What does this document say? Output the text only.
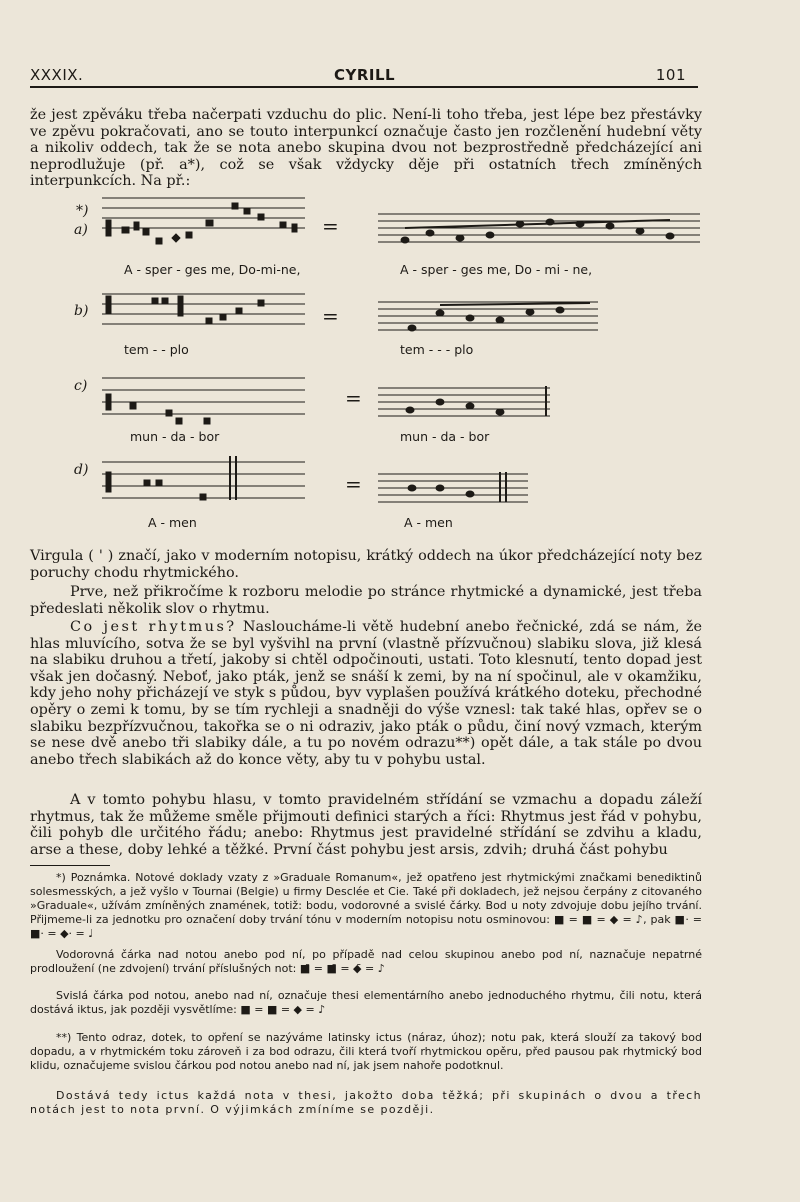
XXXIX.	CYRILL	101

že jest zpěváku třeba načerpati vzduchu do plic. Není-li toho třeba, jest lépe bez přestávky ve zpěvu pokračovati, ano se touto interpunkcí označuje často jen rozčlenění hudební věty a nikoliv oddech, tak že se nota anebo skupina dvou not bezprostředně předcházející ani neprodlužuje (př. a*), což se však vždycky děje při ostatních třech zmíněných interpunkcích. Na př.:

*)
a)
b)
c)
d)
A - sper - ges me, Do-mi-ne,	A - sper - ges me, Do - mi - ne,
tem - - plo	tem - - - plo
mun - da - bor	mun - da - bor
A - men	A - men
=
=
=
=

Virgula ( ' ) značí, jako v moderním notopisu, krátký oddech na úkor předcházející noty bez poruchy chodu rhytmického.

Prve, než přikročíme k rozboru melodie po stránce rhytmické a dynamické, jest třeba předeslati několik slov o rhytmu.

Co jest rhytmus? Nasloucháme-li větě hudební anebo řečnické, zdá se nám, že hlas mluvícího, sotva že se byl vyšvihl na první (vlastně přízvučnou) slabiku slova, již klesá na slabiku druhou a třetí, jakoby si chtěl odpočinouti, ustati. Toto klesnutí, tento dopad jest však jen dočasný. Neboť, jako pták, jenž se snáší k zemi, by na ní spočinul, ale v okamžiku, kdy jeho nohy přicházejí ve styk s půdou, byv vyplašen používá krátkého doteku, přechodné opěry o zemi k tomu, by se tím rychleji a snadněji do výše vznesl: tak také hlas, opřev se o slabiku bezpřízvučnou, takořka se o ni odraziv, jako pták o půdu, činí nový vzmach, kterým se nese dvě anebo tři slabiky dále, a tu po novém odrazu**) opět dále, a tak stále po dvou anebo třech slabikách až do konce věty, aby tu v pohybu ustal.

A v tomto pohybu hlasu, v tomto pravidelném střídání se vzmachu a dopadu záleží rhytmus, tak že můžeme směle přijmouti definici starých a říci: Rhytmus jest řád v pohybu, čili pohyb dle určitého řádu; anebo: Rhytmus jest pravidelné střídání se zdvihu a kladu, arse a these, doby lehké a těžké. První část pohybu jest arsis, zdvih; druhá část pohybu

*) Poznámka. Notové doklady vzaty z »Graduale Romanum«, jež opatřeno jest rhytmickými značkami benediktinů solesmesských, a jež vyšlo v Tournai (Belgie) u firmy Desclée et Cie. Také při dokladech, jež nejsou čerpány z citovaného »Graduale«, užívám zmíněných znamének, totiž: bodu, vodorovné a svislé čárky. Bod u noty zdvojuje dobu jejího trvání. Přijmeme-li za jednotku pro označení doby trvání tónu v moderním notopisu notu osminovou: ■ = ■ = ◆ = ♪, pak ■· = ■· = ◆· = ♩

Vodorovná čárka nad notou anebo pod ní, po případě nad celou skupinou anebo pod ní, naznačuje nepatrné prodloužení (ne zdvojení) trvání příslušných not: ■̄ = ■̄ = ◆̄ = ♪

Svislá čárka pod notou, anebo nad ní, označuje thesi elementárního anebo jednoduchého rhytmu, čili notu, která dostává iktus, jak později vysvětlíme: ■ = ■ = ◆ = ♪

**) Tento odraz, dotek, to opření se nazýváme latinsky ictus (náraz, úhoz); notu pak, která slouží za takový bod dopadu, a v rhytmickém toku zároveň i za bod odrazu, čili která tvoří rhytmickou opěru, před pausou pak rhytmický bod klidu, označujeme svislou čárkou pod notou anebo nad ní, jak jsem nahoře podotknul.

Dostává tedy ictus každá nota v thesi, jakožto doba těžká; při skupinách o dvou a třech notách jest to nota první. O výjimkách zmíníme se později.
